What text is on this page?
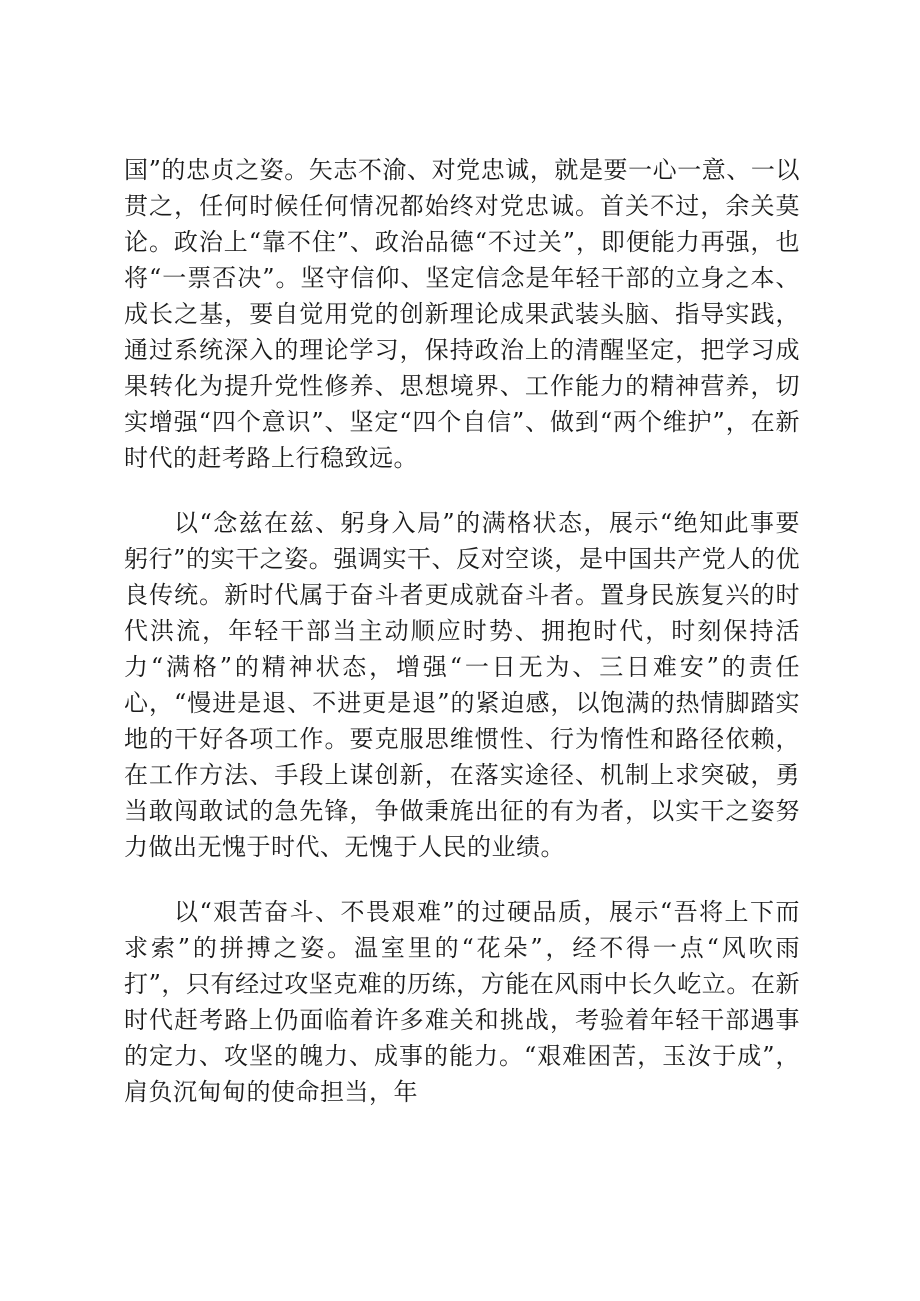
国”的忠贞之姿。矢志不渝、对党忠诚，就是要一心一意、一以贯之，任何时候任何情况都始终对党忠诚。首关不过，余关莫论。政治上“靠不住”、政治品德“不过关”，即便能力再强，也将“一票否决”。坚守信仰、坚定信念是年轻干部的立身之本、成长之基，要自觉用党的创新理论成果武装头脑、指导实践，通过系统深入的理论学习，保持政治上的清醒坚定，把学习成果转化为提升党性修养、思想境界、工作能力的精神营养，切实增强“四个意识”、坚定“四个自信”、做到“两个维护”，在新时代的赶考路上行稳致远。

以“念兹在兹、躬身入局”的满格状态，展示“绝知此事要躬行”的实干之姿。强调实干、反对空谈，是中国共产党人的优良传统。新时代属于奋斗者更成就奋斗者。置身民族复兴的时代洪流，年轻干部当主动顺应时势、拥抱时代，时刻保持活力“满格”的精神状态，增强“一日无为、三日难安”的责任心，“慢进是退、不进更是退”的紧迫感，以饱满的热情脚踏实地的干好各项工作。要克服思维惯性、行为惰性和路径依赖，在工作方法、手段上谋创新，在落实途径、机制上求突破，勇当敢闯敢试的急先锋，争做秉旄出征的有为者，以实干之姿努力做出无愧于时代、无愧于人民的业绩。

以“艰苦奋斗、不畏艰难”的过硬品质，展示“吾将上下而求索”的拼搏之姿。温室里的“花朵”，经不得一点“风吹雨打”，只有经过攻坚克难的历练，方能在风雨中长久屹立。在新时代赶考路上仍面临着许多难关和挑战，考验着年轻干部遇事的定力、攻坚的魄力、成事的能力。“艰难困苦，玉汝于成”，肩负沉甸甸的使命担当，年
